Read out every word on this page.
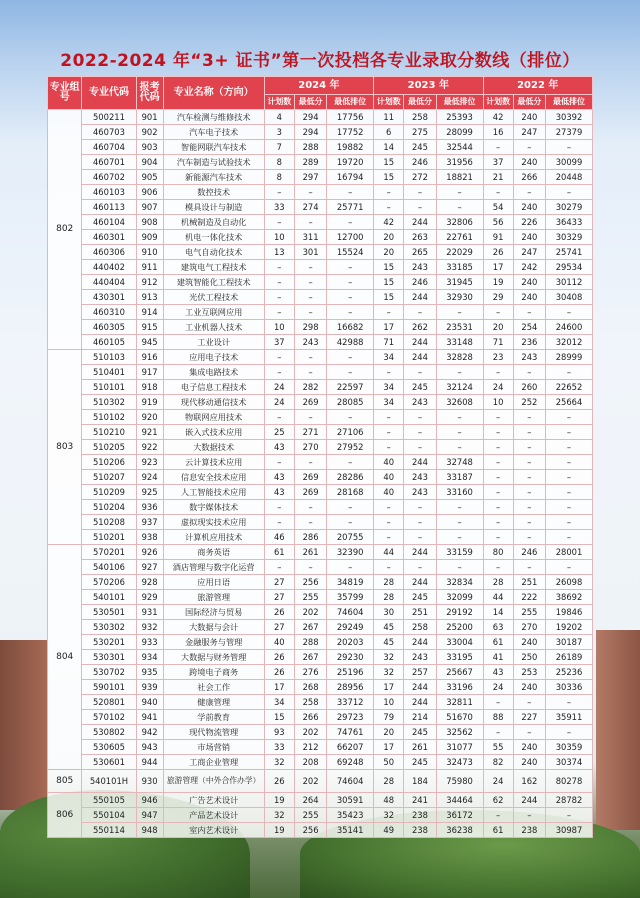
2022-2024 年“3+ 证书”第一次投档各专业录取分数线（排位）
专业组号	专业代码	报考代码	专业名称（方向）	2024 年			2023 年			2022 年		
				计划数	最低分	最低排位	计划数	最低分	最低排位	计划数	最低分	最低排位
802	500211	901	汽车检测与维修技术	4	294	17756	11	258	25393	42	240	30392
	460703	902	汽车电子技术	3	294	17752	6	275	28099	16	247	27379
	460704	903	智能网联汽车技术	7	288	19882	14	245	32544	–	–	–
	460701	904	汽车制造与试验技术	8	289	19720	15	246	31956	37	240	30099
	460702	905	新能源汽车技术	8	297	16794	15	272	18821	21	266	20448
	460103	906	数控技术	–	–	–	–	–	–	–	–	–
	460113	907	模具设计与制造	33	274	25771	–	–	–	54	240	30279
	460104	908	机械制造及自动化	–	–	–	42	244	32806	56	226	36433
	460301	909	机电一体化技术	10	311	12700	20	263	22761	91	240	30329
	460306	910	电气自动化技术	13	301	15524	20	265	22029	26	247	25741
	440402	911	建筑电气工程技术	–	–	–	15	243	33185	17	242	29534
	440404	912	建筑智能化工程技术	–	–	–	15	246	31945	19	240	30112
	430301	913	光伏工程技术	–	–	–	15	244	32930	29	240	30408
	460310	914	工业互联网应用	–	–	–	–	–	–	–	–	–
	460305	915	工业机器人技术	10	298	16682	17	262	23531	20	254	24600
	460105	945	工业设计	37	243	42988	71	244	33148	71	236	32012
803	510103	916	应用电子技术	–	–	–	34	244	32828	23	243	28999
	510401	917	集成电路技术	–	–	–	–	–	–	–	–	–
	510101	918	电子信息工程技术	24	282	22597	34	245	32124	24	260	22652
	510302	919	现代移动通信技术	24	269	28085	34	243	32608	10	252	25664
	510102	920	物联网应用技术	–	–	–	–	–	–	–	–	–
	510210	921	嵌入式技术应用	25	271	27106	–	–	–	–	–	–
	510205	922	大数据技术	43	270	27952	–	–	–	–	–	–
	510206	923	云计算技术应用	–	–	–	40	244	32748	–	–	–
	510207	924	信息安全技术应用	43	269	28286	40	243	33187	–	–	–
	510209	925	人工智能技术应用	43	269	28168	40	243	33160	–	–	–
	510204	936	数字媒体技术	–	–	–	–	–	–	–	–	–
	510208	937	虚拟现实技术应用	–	–	–	–	–	–	–	–	–
	510201	938	计算机应用技术	46	286	20755	–	–	–	–	–	–
804	570201	926	商务英语	61	261	32390	44	244	33159	80	246	28001
	540106	927	酒店管理与数字化运营	–	–	–	–	–	–	–	–	–
	570206	928	应用日语	27	256	34819	28	244	32834	28	251	26098
	540101	929	旅游管理	27	255	35799	28	245	32099	44	222	38692
	530501	931	国际经济与贸易	26	202	74604	30	251	29192	14	255	19846
	530302	932	大数据与会计	27	267	29249	45	258	25200	63	270	19202
	530201	933	金融服务与管理	40	288	20203	45	244	33004	61	240	30187
	530301	934	大数据与财务管理	26	267	29230	32	243	33195	41	250	26189
	530702	935	跨境电子商务	26	276	25196	32	257	25667	43	253	25236
	590101	939	社会工作	17	268	28956	17	244	33196	24	240	30336
	520801	940	健康管理	34	258	33712	10	244	32811	–	–	–
	570102	941	学前教育	15	266	29723	79	214	51670	88	227	35911
	530802	942	现代物流管理	93	202	74761	20	245	32562	–	–	–
	530605	943	市场营销	33	212	66207	17	261	31077	55	240	30359
	530601	944	工商企业管理	32	208	69248	50	245	32473	82	240	30374
805	540101H	930	旅游管理（中外合作办学）	26	202	74604	28	184	75980	24	162	80278
806	550105	946	广告艺术设计	19	264	30591	48	241	34464	62	244	28782
	550104	947	产品艺术设计	32	255	35423	32	238	36172	–	–	–
	550114	948	室内艺术设计	19	256	35141	49	238	36238	61	238	30987
